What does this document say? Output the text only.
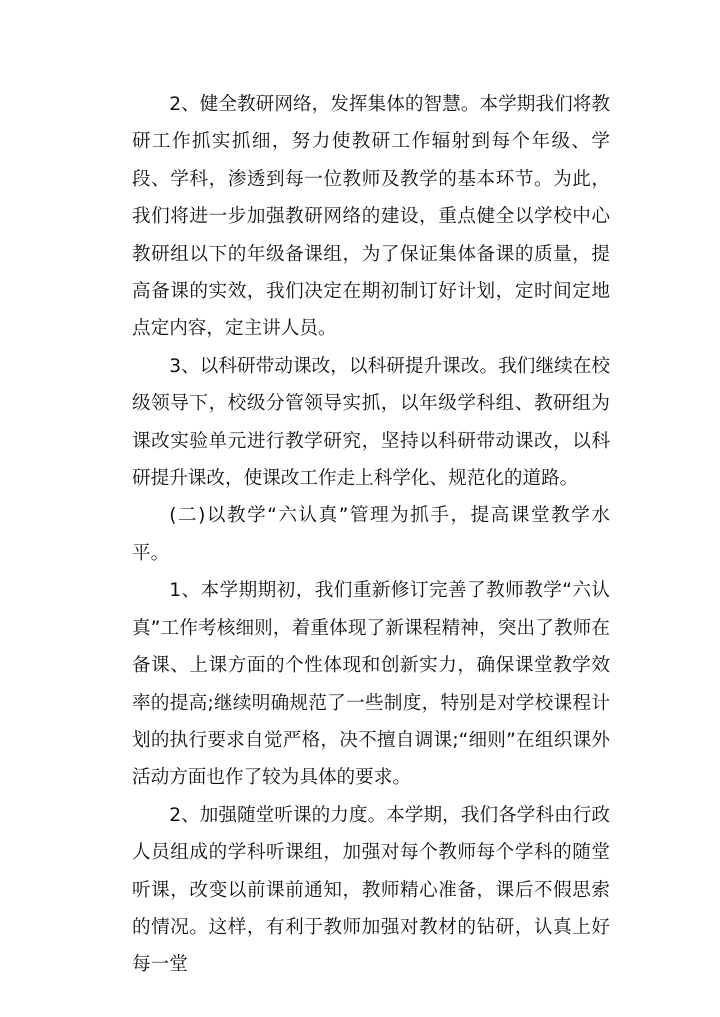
2、健全教研网络，发挥集体的智慧。本学期我们将教研工作抓实抓细，努力使教研工作辐射到每个年级、学段、学科，渗透到每一位教师及教学的基本环节。为此，我们将进一步加强教研网络的建设，重点健全以学校中心教研组以下的年级备课组，为了保证集体备课的质量，提高备课的实效，我们决定在期初制订好计划，定时间定地点定内容，定主讲人员。

3、以科研带动课改，以科研提升课改。我们继续在校级领导下，校级分管领导实抓，以年级学科组、教研组为课改实验单元进行教学研究，坚持以科研带动课改，以科研提升课改，使课改工作走上科学化、规范化的道路。

(二)以教学“六认真”管理为抓手，提高课堂教学水平。

1、本学期期初，我们重新修订完善了教师教学“六认真”工作考核细则，着重体现了新课程精神，突出了教师在备课、上课方面的个性体现和创新实力，确保课堂教学效率的提高;继续明确规范了一些制度，特别是对学校课程计划的执行要求自觉严格，决不擅自调课;“细则”在组织课外活动方面也作了较为具体的要求。

2、加强随堂听课的力度。本学期，我们各学科由行政人员组成的学科听课组，加强对每个教师每个学科的随堂听课，改变以前课前通知，教师精心准备，课后不假思索的情况。这样，有利于教师加强对教材的钻研，认真上好每一堂
